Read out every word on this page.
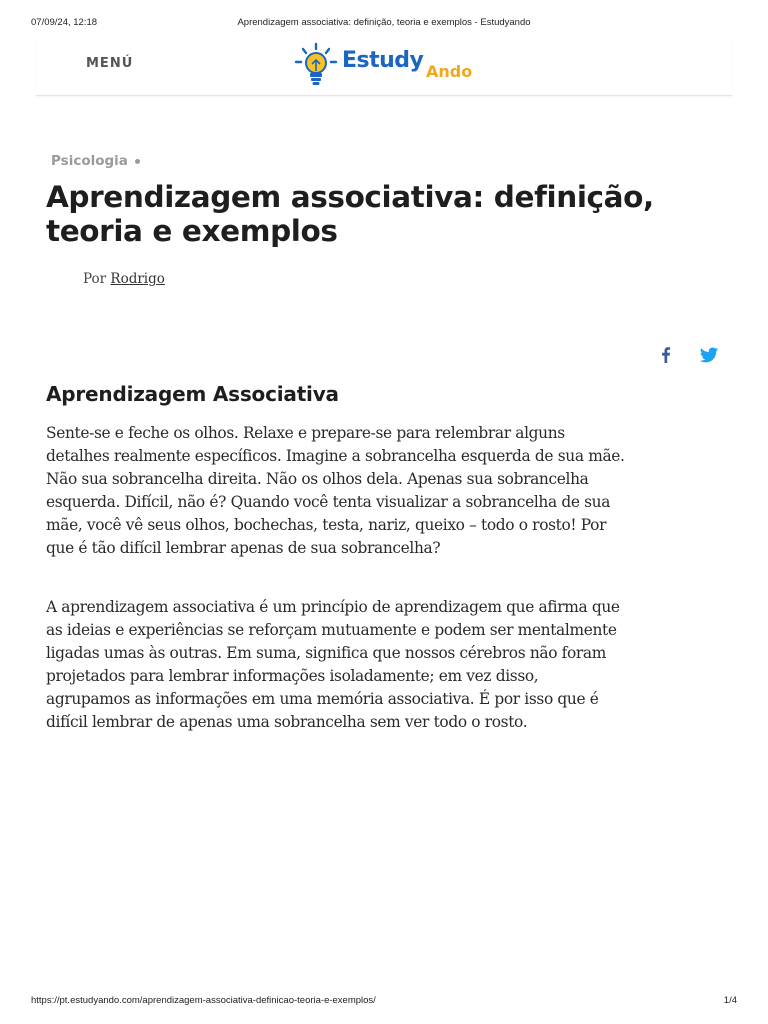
07/09/24, 12:18	Aprendizagem associativa: definição, teoria e exemplos - Estudyando
MENÚ	Estudy Ando
Psicologia
Aprendizagem associativa: definição, teoria e exemplos
Por Rodrigo
Aprendizagem Associativa

Sente-se e feche os olhos. Relaxe e prepare-se para relembrar alguns detalhes realmente específicos. Imagine a sobrancelha esquerda de sua mãe. Não sua sobrancelha direita. Não os olhos dela. Apenas sua sobrancelha esquerda. Difícil, não é? Quando você tenta visualizar a sobrancelha de sua mãe, você vê seus olhos, bochechas, testa, nariz, queixo – todo o rosto! Por que é tão difícil lembrar apenas de sua sobrancelha?

A aprendizagem associativa é um princípio de aprendizagem que afirma que as ideias e experiências se reforçam mutuamente e podem ser mentalmente ligadas umas às outras. Em suma, significa que nossos cérebros não foram projetados para lembrar informações isoladamente; em vez disso, agrupamos as informações em uma memória associativa. É por isso que é difícil lembrar de apenas uma sobrancelha sem ver todo o rosto.

https://pt.estudyando.com/aprendizagem-associativa-definicao-teoria-e-exemplos/	1/4
